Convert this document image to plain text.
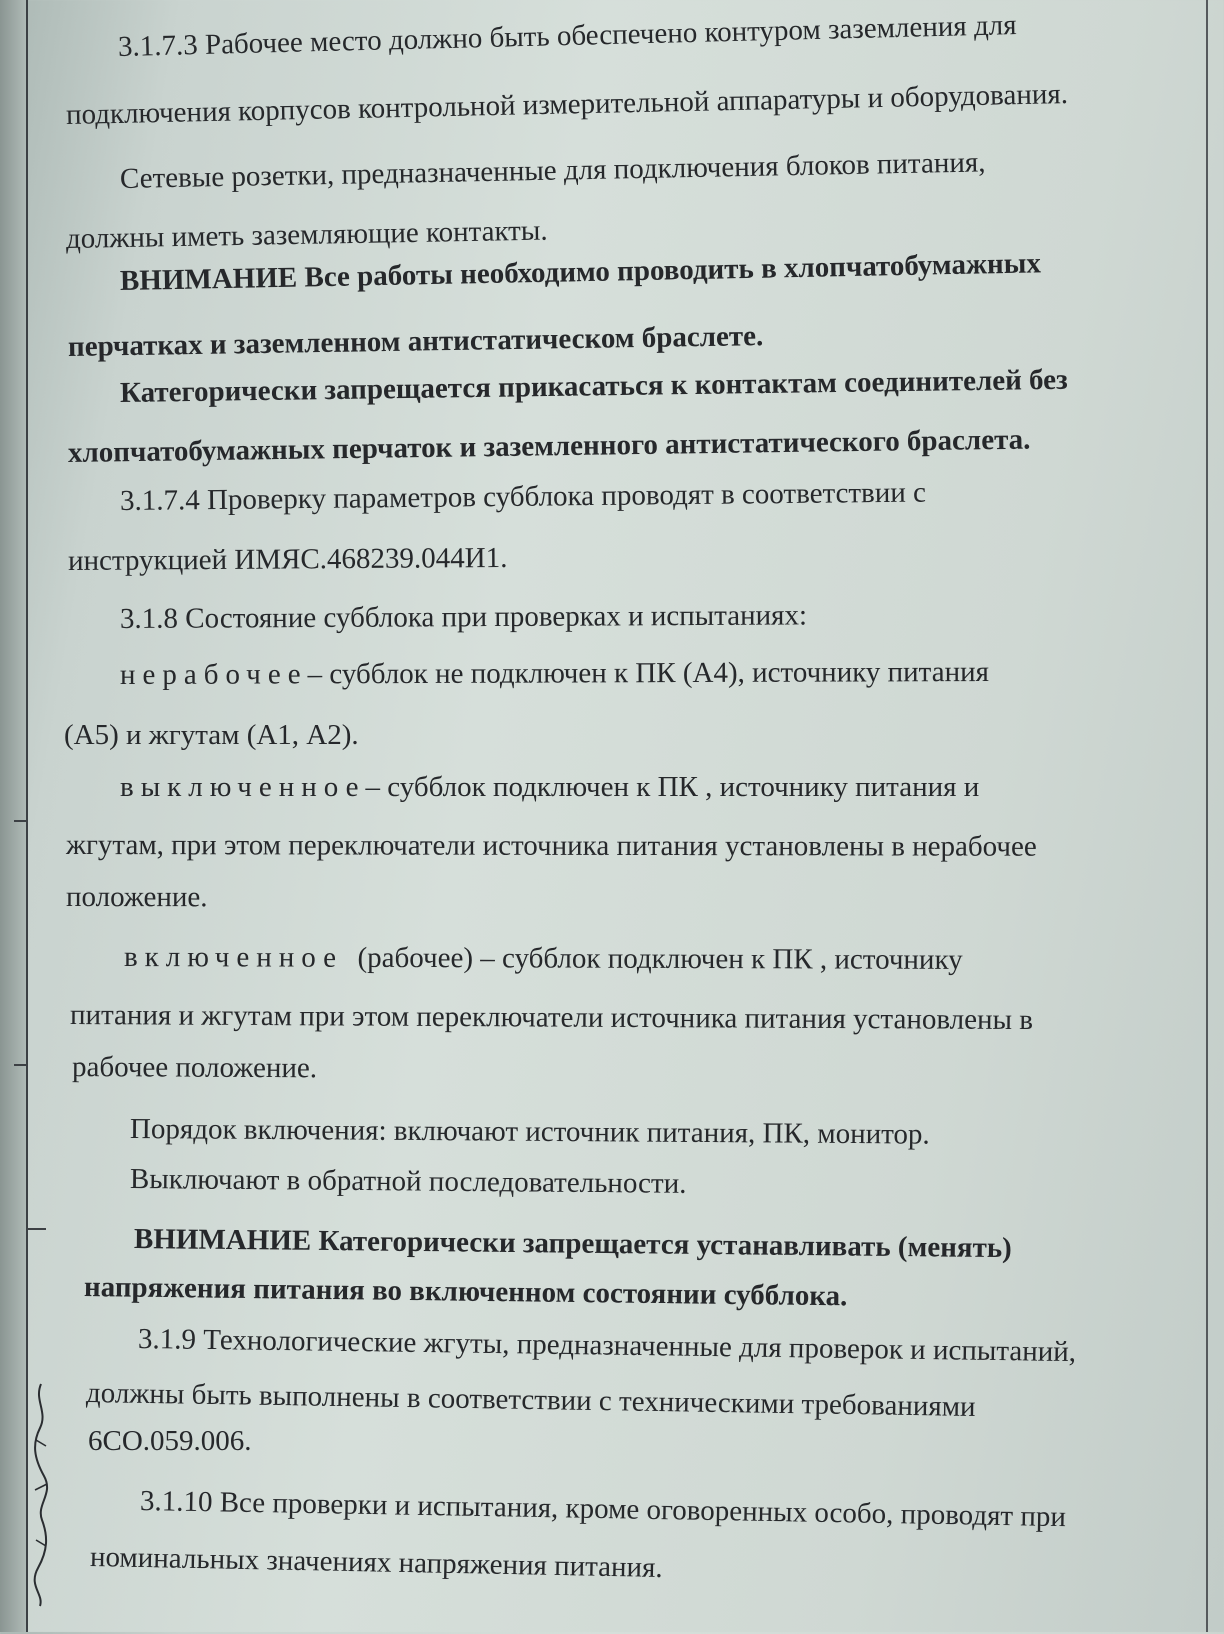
3.1.7.3 Рабочее место должно быть обеспечено контуром заземления для
подключения корпусов контрольной измерительной аппаратуры и оборудования.
Сетевые розетки, предназначенные для подключения блоков питания,
должны иметь заземляющие контакты.
ВНИМАНИЕ Все работы необходимо проводить в хлопчатобумажных
перчатках и заземленном антистатическом браслете.
Категорически запрещается прикасаться к контактам соединителей без
хлопчатобумажных перчаток и заземленного антистатического браслета.
3.1.7.4 Проверку параметров субблока проводят в соответствии с
инструкцией ИМЯС.468239.044И1.
3.1.8 Состояние субблока при проверках и испытаниях:
нерабочее– субблок не подключен к ПК (А4), источнику питания
(А5) и жгутам (А1, А2).
выключенное– субблок подключен к ПК , источнику питания и
жгутам, при этом переключатели источника питания установлены в нерабочее
положение.
включенное (рабочее) – субблок подключен к ПК , источнику
питания и жгутам при этом переключатели источника питания установлены в
рабочее положение.
Порядок включения: включают источник питания, ПК, монитор.
Выключают в обратной последовательности.
ВНИМАНИЕ Категорически запрещается устанавливать (менять)
напряжения питания во включенном состоянии субблока.
3.1.9 Технологические жгуты, предназначенные для проверок и испытаний,
должны быть выполнены в соответствии с техническими требованиями
6СО.059.006.
3.1.10 Все проверки и испытания, кроме оговоренных особо, проводят при
номинальных значениях напряжения питания.
